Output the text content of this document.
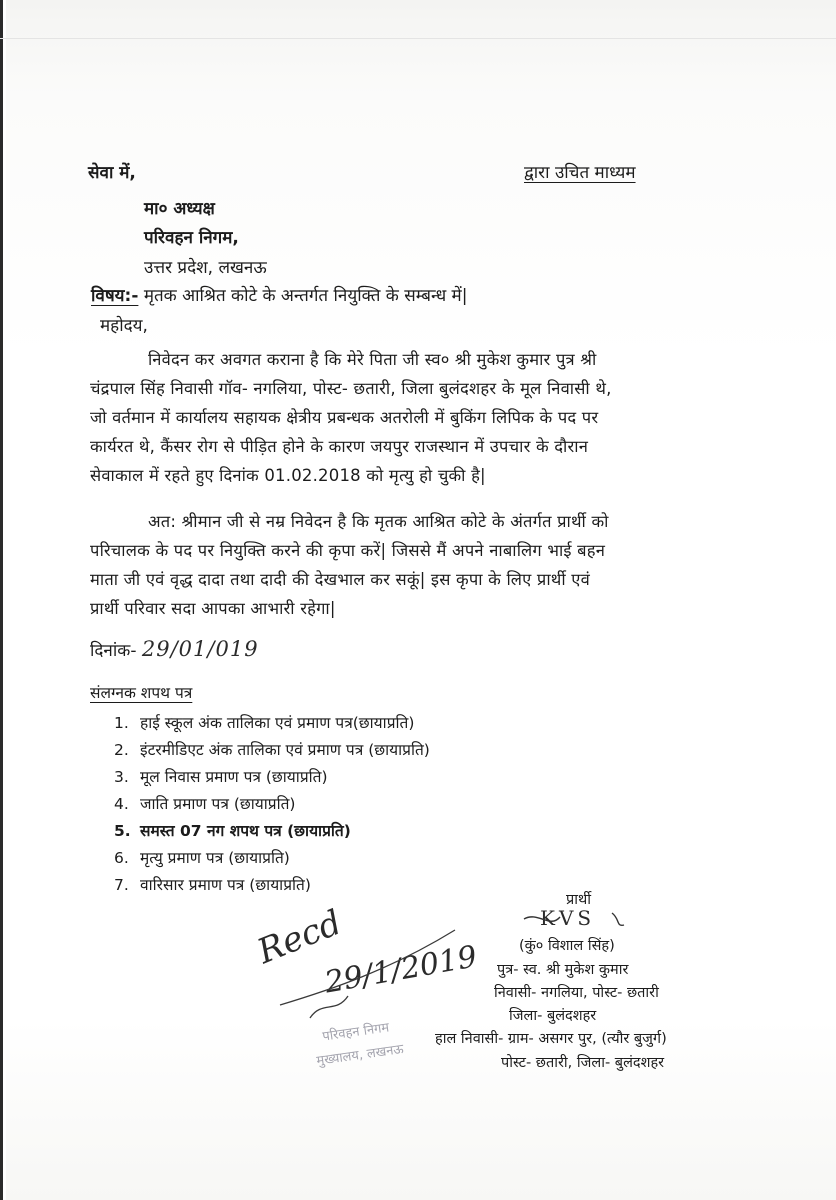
सेवा में,	द्वारा उचित माध्यम
मा० अध्यक्ष
परिवहन निगम,
उत्तर प्रदेश, लखनऊ
विषय:- मृतक आश्रित कोटे के अन्तर्गत नियुक्ति के सम्बन्ध में|
महोदय,
निवेदन कर अवगत कराना है कि मेरे पिता जी स्व० श्री मुकेश कुमार पुत्र श्री
चंद्रपाल सिंह निवासी गॉव- नगलिया, पोस्ट- छतारी, जिला बुलंदशहर के मूल निवासी थे,
जो वर्तमान में कार्यालय सहायक क्षेत्रीय प्रबन्धक अतरोली में बुकिंग लिपिक के पद पर
कार्यरत थे, कैंसर रोग से पीड़ित होने के कारण जयपुर राजस्थान में उपचार के दौरान
सेवाकाल में रहते हुए दिनांक 01.02.2018 को मृत्यु हो चुकी है|
अत: श्रीमान जी से नम्र निवेदन है कि मृतक आश्रित कोटे के अंतर्गत प्रार्थी को
परिचालक के पद पर नियुक्ति करने की कृपा करें| जिससे मैं अपने नाबालिग भाई बहन
माता जी एवं वृद्ध दादा तथा दादी की देखभाल कर सकूं| इस कृपा के लिए प्रार्थी एवं
प्रार्थी परिवार सदा आपका आभारी रहेगा|
दिनांक- 29/01/019
संलग्नक शपथ पत्र
1. हाई स्कूल अंक तालिका एवं प्रमाण पत्र(छायाप्रति)
2. इंटरमीडिएट अंक तालिका एवं प्रमाण पत्र (छायाप्रति)
3. मूल निवास प्रमाण पत्र (छायाप्रति)
4. जाति प्रमाण पत्र (छायाप्रति)
5. समस्त 07 नग शपथ पत्र (छायाप्रति)
6. मृत्यु प्रमाण पत्र (छायाप्रति)
7. वारिसार प्रमाण पत्र (छायाप्रति)
प्रार्थी
KVS
(कुं० विशाल सिंह)
पुत्र- स्व. श्री मुकेश कुमार
निवासी- नगलिया, पोस्ट- छतारी
जिला- बुलंदशहर
हाल निवासी- ग्राम- असगर पुर, (त्यौर बुजुर्ग)
पोस्ट- छतारी, जिला- बुलंदशहर
Recd
29/1/2019
परिवहन निगम
मुख्यालय, लखनऊ
